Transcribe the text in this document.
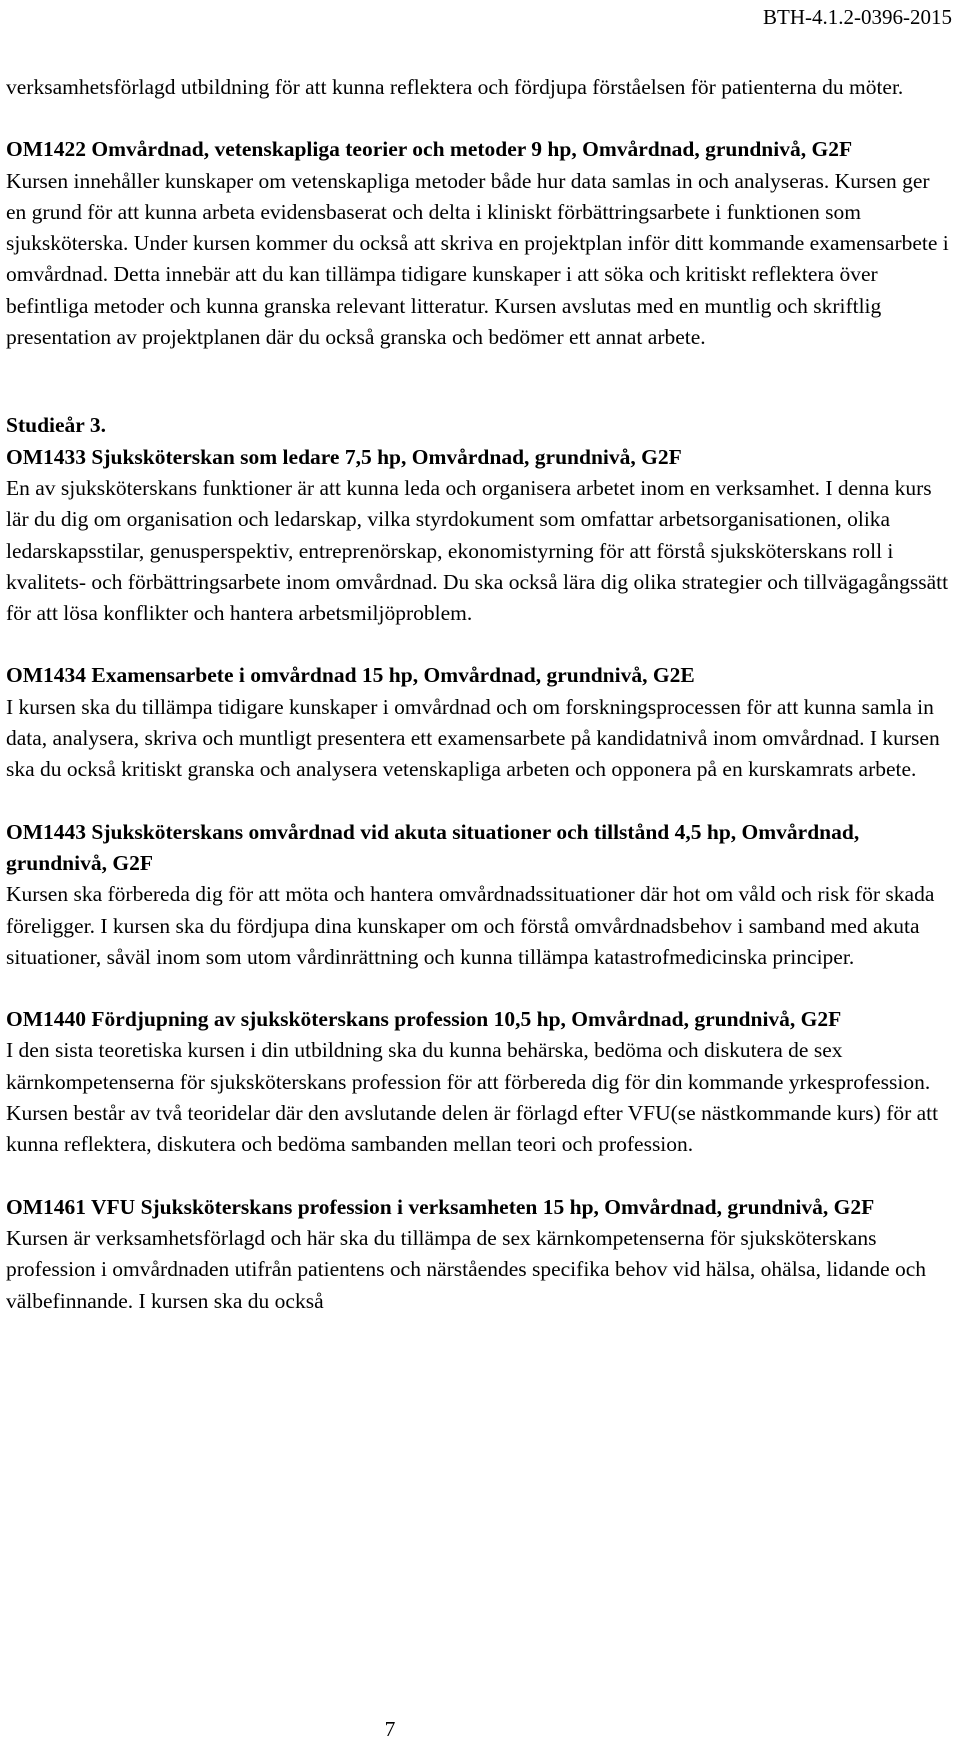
BTH-4.1.2-0396-2015

verksamhetsförlagd utbildning för att kunna reflektera och fördjupa förståelsen för patienterna du möter.

OM1422 Omvårdnad, vetenskapliga teorier och metoder 9 hp, Omvårdnad, grundnivå, G2F
Kursen innehåller kunskaper om vetenskapliga metoder både hur data samlas in och analyseras. Kursen ger en grund för att kunna arbeta evidensbaserat och delta i kliniskt förbättringsarbete i funktionen som sjuksköterska. Under kursen kommer du också att skriva en projektplan inför ditt kommande examensarbete i omvårdnad. Detta innebär att du kan tillämpa tidigare kunskaper i att söka och kritiskt reflektera över befintliga metoder och kunna granska relevant litteratur. Kursen avslutas med en muntlig och skriftlig presentation av projektplanen där du också granska och bedömer ett annat arbete.
Studieår 3.
OM1433 Sjuksköterskan som ledare 7,5 hp, Omvårdnad, grundnivå, G2F
En av sjuksköterskans funktioner är att kunna leda och organisera arbetet inom en verksamhet. I denna kurs lär du dig om organisation och ledarskap, vilka styrdokument som omfattar arbetsorganisationen, olika ledarskapsstilar, genusperspektiv, entreprenörskap, ekonomistyrning för att förstå sjuksköterskans roll i kvalitets- och förbättringsarbete inom omvårdnad. Du ska också lära dig olika strategier och tillvägagångssätt för att lösa konflikter och hantera arbetsmiljöproblem.
OM1434 Examensarbete i omvårdnad 15 hp, Omvårdnad, grundnivå, G2E
I kursen ska du tillämpa tidigare kunskaper i omvårdnad och om forskningsprocessen för att kunna samla in data, analysera, skriva och muntligt presentera ett examensarbete på kandidatnivå inom omvårdnad. I kursen ska du också kritiskt granska och analysera vetenskapliga arbeten och opponera på en kurskamrats arbete.
OM1443 Sjuksköterskans omvårdnad vid akuta situationer och tillstånd 4,5 hp, Omvårdnad, grundnivå, G2F
Kursen ska förbereda dig för att möta och hantera omvårdnadssituationer där hot om våld och risk för skada föreligger. I kursen ska du fördjupa dina kunskaper om och förstå omvårdnadsbehov i samband med akuta situationer, såväl inom som utom vårdinrättning och kunna tillämpa katastrofmedicinska principer.
OM1440 Fördjupning av sjuksköterskans profession 10,5 hp, Omvårdnad, grundnivå, G2F
I den sista teoretiska kursen i din utbildning ska du kunna behärska, bedöma och diskutera de sex kärnkompetenserna för sjuksköterskans profession för att förbereda dig för din kommande yrkesprofession. Kursen består av två teoridelar där den avslutande delen är förlagd efter VFU(se nästkommande kurs) för att kunna reflektera, diskutera och bedöma sambanden mellan teori och profession.
OM1461 VFU Sjuksköterskans profession i verksamheten 15 hp, Omvårdnad, grundnivå, G2F
Kursen är verksamhetsförlagd och här ska du tillämpa de sex kärnkompetenserna för sjuksköterskans profession i omvårdnaden utifrån patientens och närståendes specifika behov vid hälsa, ohälsa, lidande och välbefinnande. I kursen ska du också
7
